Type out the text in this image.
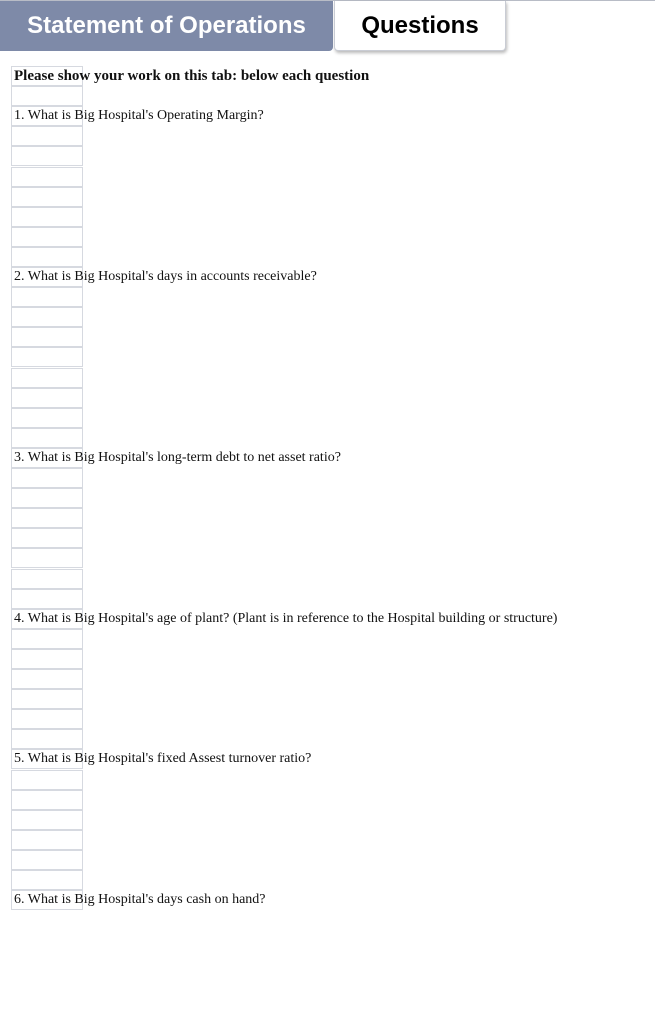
Statement of Operations	Questions
Please show your work on this tab: below each question
1. What is Big Hospital's Operating Margin?
2. What is Big Hospital's days in accounts receivable?
3. What is Big Hospital's long-term debt to net asset ratio?
4. What is Big Hospital's age of plant? (Plant is in reference to the Hospital building or structure)
5. What is Big Hospital's fixed Assest turnover ratio?
6. What is Big Hospital's days cash on hand?
